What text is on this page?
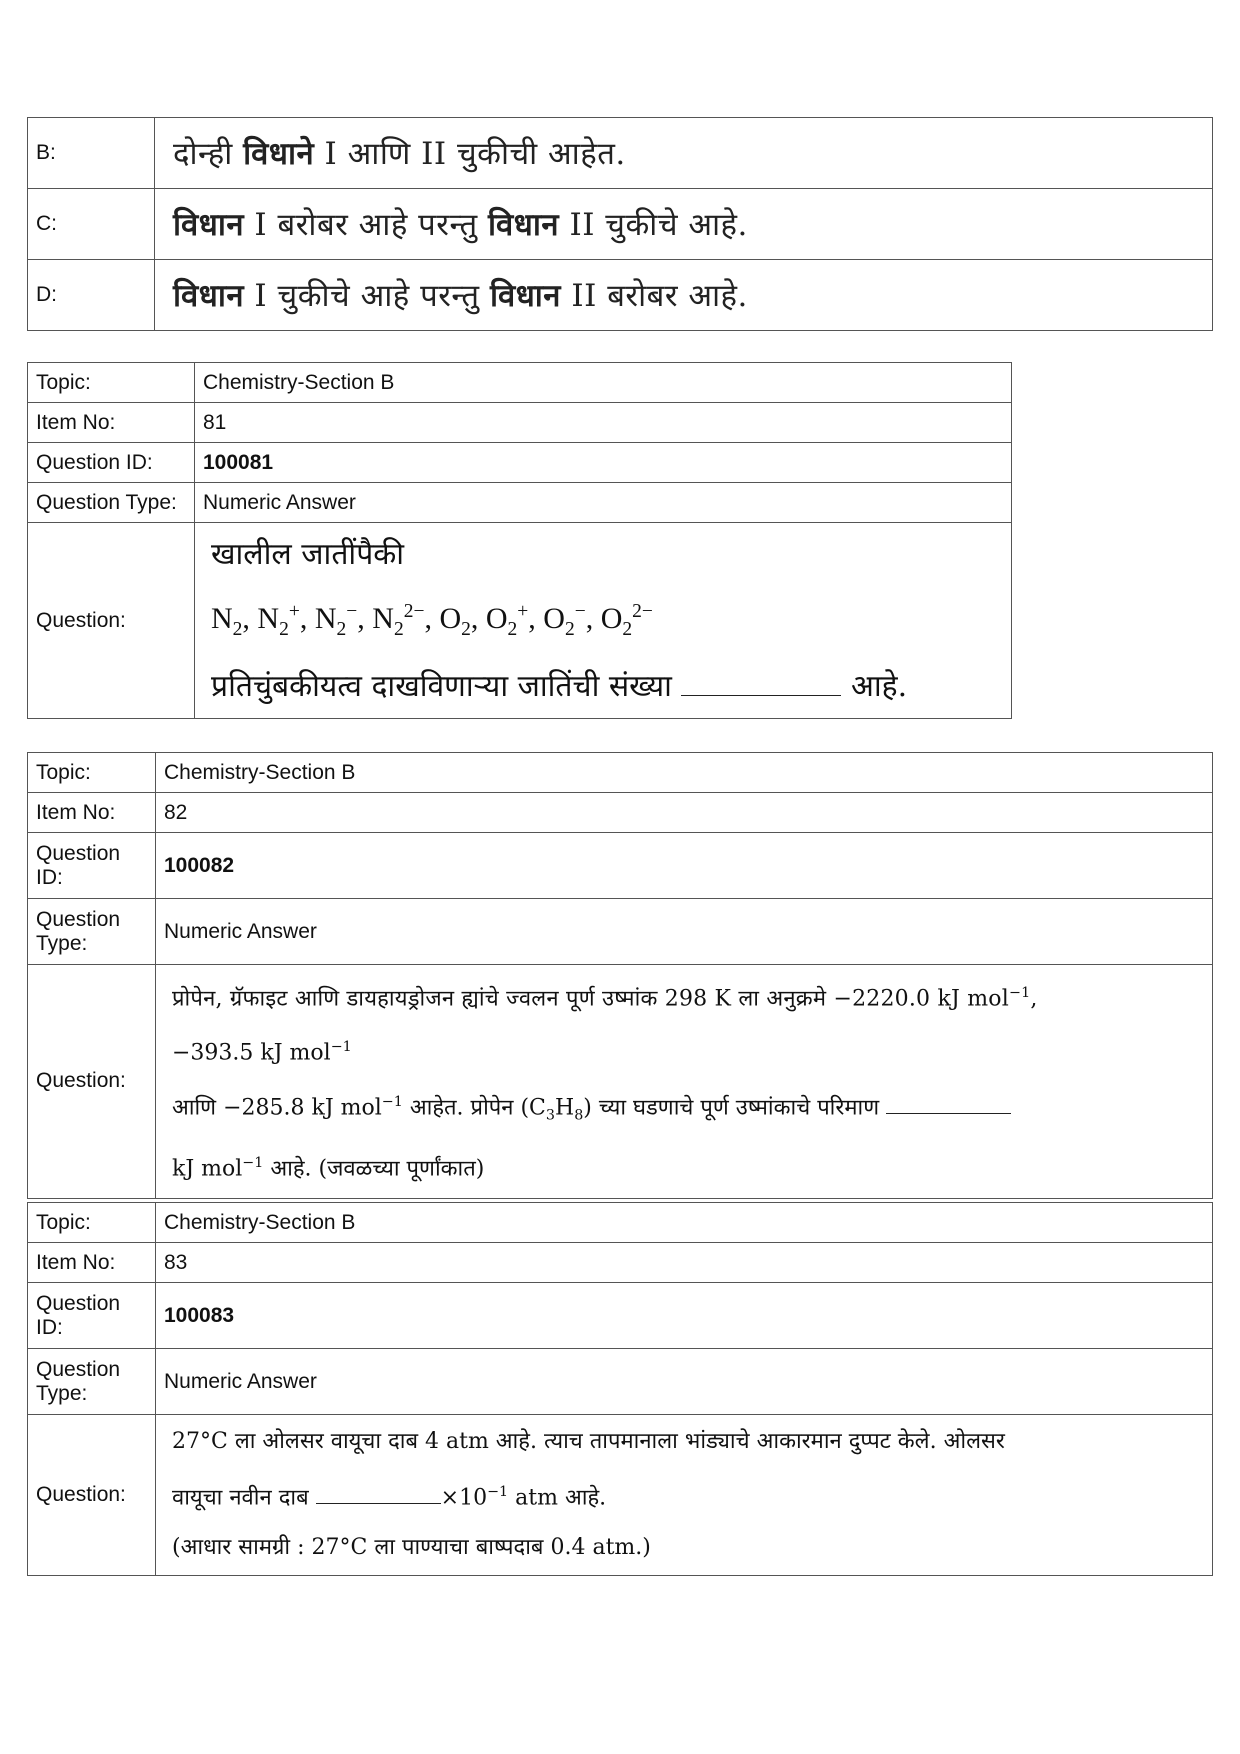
B:	दोन्ही विधाने I आणि II चुकीची आहेत.
C:	विधान I बरोबर आहे परन्तु विधान II चुकीचे आहे.
D:	विधान I चुकीचे आहे परन्तु विधान II बरोबर आहे.
Topic:	Chemistry-Section B
Item No:	81
Question ID:	100081
Question Type:	Numeric Answer
Question:	खालील जातींपैकी
$N_2$, $N_2^+$, $N_2^-$, $N_2^{2-}$, $O_2$, $O_2^+$, $O_2^-$, $O_2^{2-}$
प्रतिचुंबकीयत्व दाखविणाऱ्या जातिंची संख्या आहे.
Topic:	Chemistry-Section B
Item No:	82
Question
ID:	100082
Question
Type:	Numeric Answer
Question:	प्रोपेन, ग्रॅफाइट आणि डायहायड्रोजन ह्यांचे ज्वलन पूर्ण उष्मांक 298 K ला अनुक्रमे −2220.0 kJ mol$^{-1}$,
−393.5 kJ mol$^{-1}$
आणि −285.8 kJ mol$^{-1}$ आहेत. प्रोपेन $(C_3H_8)$ च्या घडणाचे पूर्ण उष्मांकाचे परिमाण
kJ mol$^{-1}$ आहे. (जवळच्या पूर्णांकात)
Topic:	Chemistry-Section B
Item No:	83
Question
ID:	100083
Question
Type:	Numeric Answer
Question:	27°C ला ओलसर वायूचा दाब 4 atm आहे. त्याच तापमानाला भांड्याचे आकारमान दुप्पट केले. ओलसर
वायूचा नवीन दाब $\times 10^{-1}$ atm आहे.
(आधार सामग्री : 27°C ला पाण्याचा बाष्पदाब 0.4 atm.)
